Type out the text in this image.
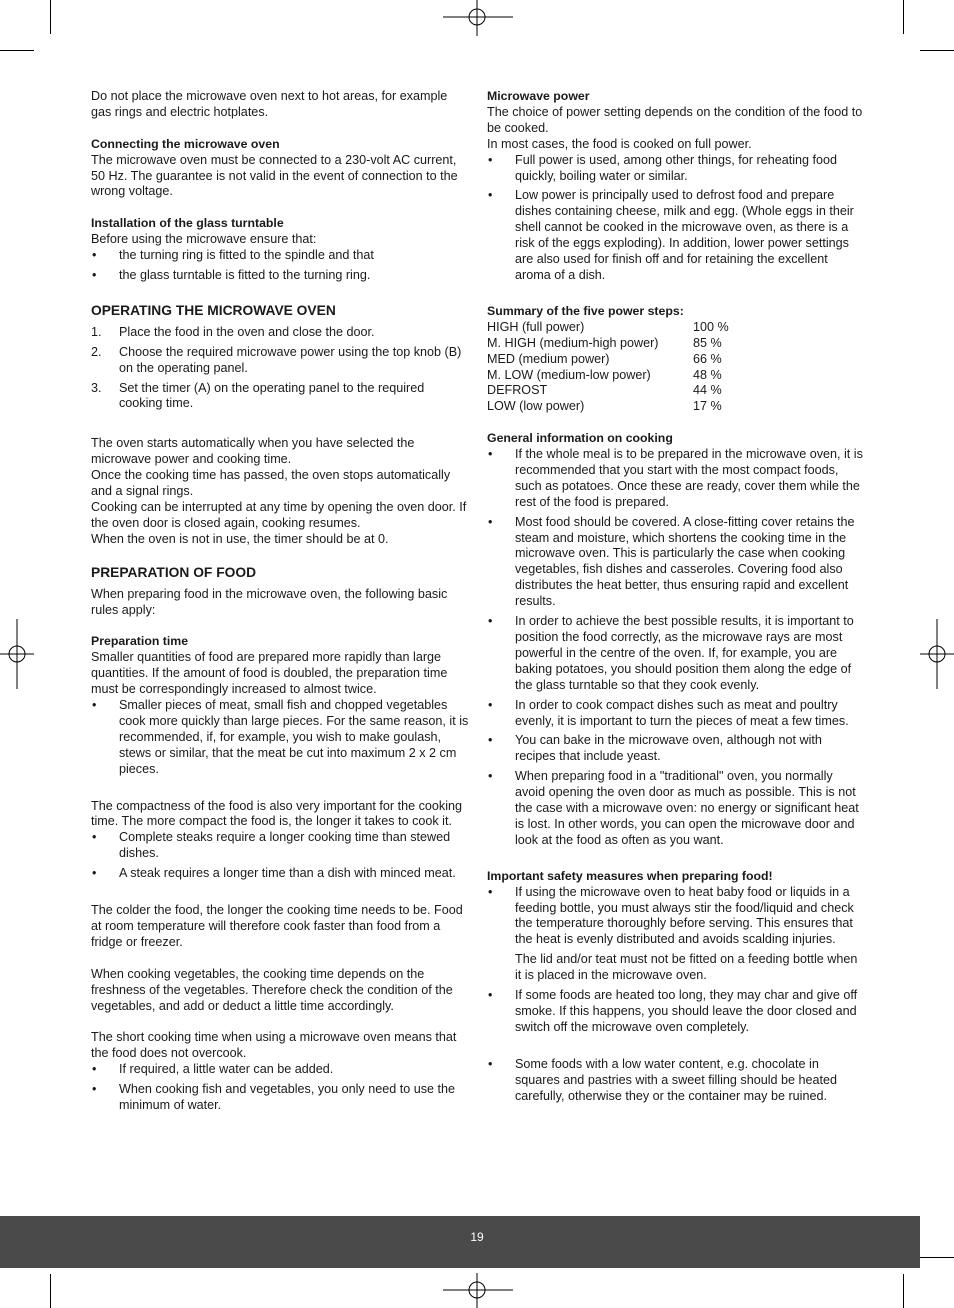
Do not place the microwave oven next to hot areas, for example gas rings and electric hotplates.

Connecting the microwave oven

The microwave oven must be connected to a 230-volt AC current, 50 Hz. The guarantee is not valid in the event of connection to the wrong voltage.

Installation of the glass turntable

Before using the microwave ensure that:

• the turning ring is fitted to the spindle and that
• the glass turntable is fitted to the turning ring.

OPERATING THE MICROWAVE OVEN

1. Place the food in the oven and close the door.
2. Choose the required microwave power using the top knob (B) on the operating panel.
3. Set the timer (A) on the operating panel to the required cooking time.

The oven starts automatically when you have selected the microwave power and cooking time.

Once the cooking time has passed, the oven stops automatically and a signal rings.

Cooking can be interrupted at any time by opening the oven door. If the oven door is closed again, cooking resumes.

When the oven is not in use, the timer should be at 0.

PREPARATION OF FOOD

When preparing food in the microwave oven, the following basic rules apply:

Preparation time

Smaller quantities of food are prepared more rapidly than large quantities. If the amount of food is doubled, the preparation time must be correspondingly increased to almost twice.

• Smaller pieces of meat, small fish and chopped vegetables cook more quickly than large pieces. For the same reason, it is recommended, if, for example, you wish to make goulash, stews or similar, that the meat be cut into maximum 2 x 2 cm pieces.

The compactness of the food is also very important for the cooking time. The more compact the food is, the longer it takes to cook it.

• Complete steaks require a longer cooking time than stewed dishes.
• A steak requires a longer time than a dish with minced meat.

The colder the food, the longer the cooking time needs to be. Food at room temperature will therefore cook faster than food from a fridge or freezer.

When cooking vegetables, the cooking time depends on the freshness of the vegetables. Therefore check the condition of the vegetables, and add or deduct a little time accordingly.

The short cooking time when using a microwave oven means that the food does not overcook.

• If required, a little water can be added.
• When cooking fish and vegetables, you only need to use the minimum of water.

Microwave power

The choice of power setting depends on the condition of the food to be cooked.

In most cases, the food is cooked on full power.

• Full power is used, among other things, for reheating food quickly, boiling water or similar.
• Low power is principally used to defrost food and prepare dishes containing cheese, milk and egg. (Whole eggs in their shell cannot be cooked in the microwave oven, as there is a risk of the eggs exploding). In addition, lower power settings are also used for finish off and for retaining the excellent aroma of a dish.

Summary of the five power steps:

HIGH (full power)	100 %
M. HIGH (medium-high power)	85 %
MED (medium power)	66 %
M. LOW (medium-low power)	48 %
DEFROST	44 %
LOW (low power)	17 %

General information on cooking

• If the whole meal is to be prepared in the microwave oven, it is recommended that you start with the most compact foods, such as potatoes. Once these are ready, cover them while the rest of the food is prepared.
• Most food should be covered. A close-fitting cover retains the steam and moisture, which shortens the cooking time in the microwave oven. This is particularly the case when cooking vegetables, fish dishes and casseroles. Covering food also distributes the heat better, thus ensuring rapid and excellent results.
• In order to achieve the best possible results, it is important to position the food correctly, as the microwave rays are most powerful in the centre of the oven. If, for example, you are baking potatoes, you should position them along the edge of the glass turntable so that they cook evenly.
• In order to cook compact dishes such as meat and poultry evenly, it is important to turn the pieces of meat a few times.
• You can bake in the microwave oven, although not with recipes that include yeast.
• When preparing food in a "traditional" oven, you normally avoid opening the oven door as much as possible. This is not the case with a microwave oven: no energy or significant heat is lost. In other words, you can open the microwave door and look at the food as often as you want.

Important safety measures when preparing food!

• If using the microwave oven to heat baby food or liquids in a feeding bottle, you must always stir the food/liquid and check the temperature thoroughly before serving. This ensures that the heat is evenly distributed and avoids scalding injuries.

The lid and/or teat must not be fitted on a feeding bottle when it is placed in the microwave oven.

• If some foods are heated too long, they may char and give off smoke. If this happens, you should leave the door closed and switch off the microwave oven completely.
• Some foods with a low water content, e.g. chocolate in squares and pastries with a sweet filling should be heated carefully, otherwise they or the container may be ruined.
19
